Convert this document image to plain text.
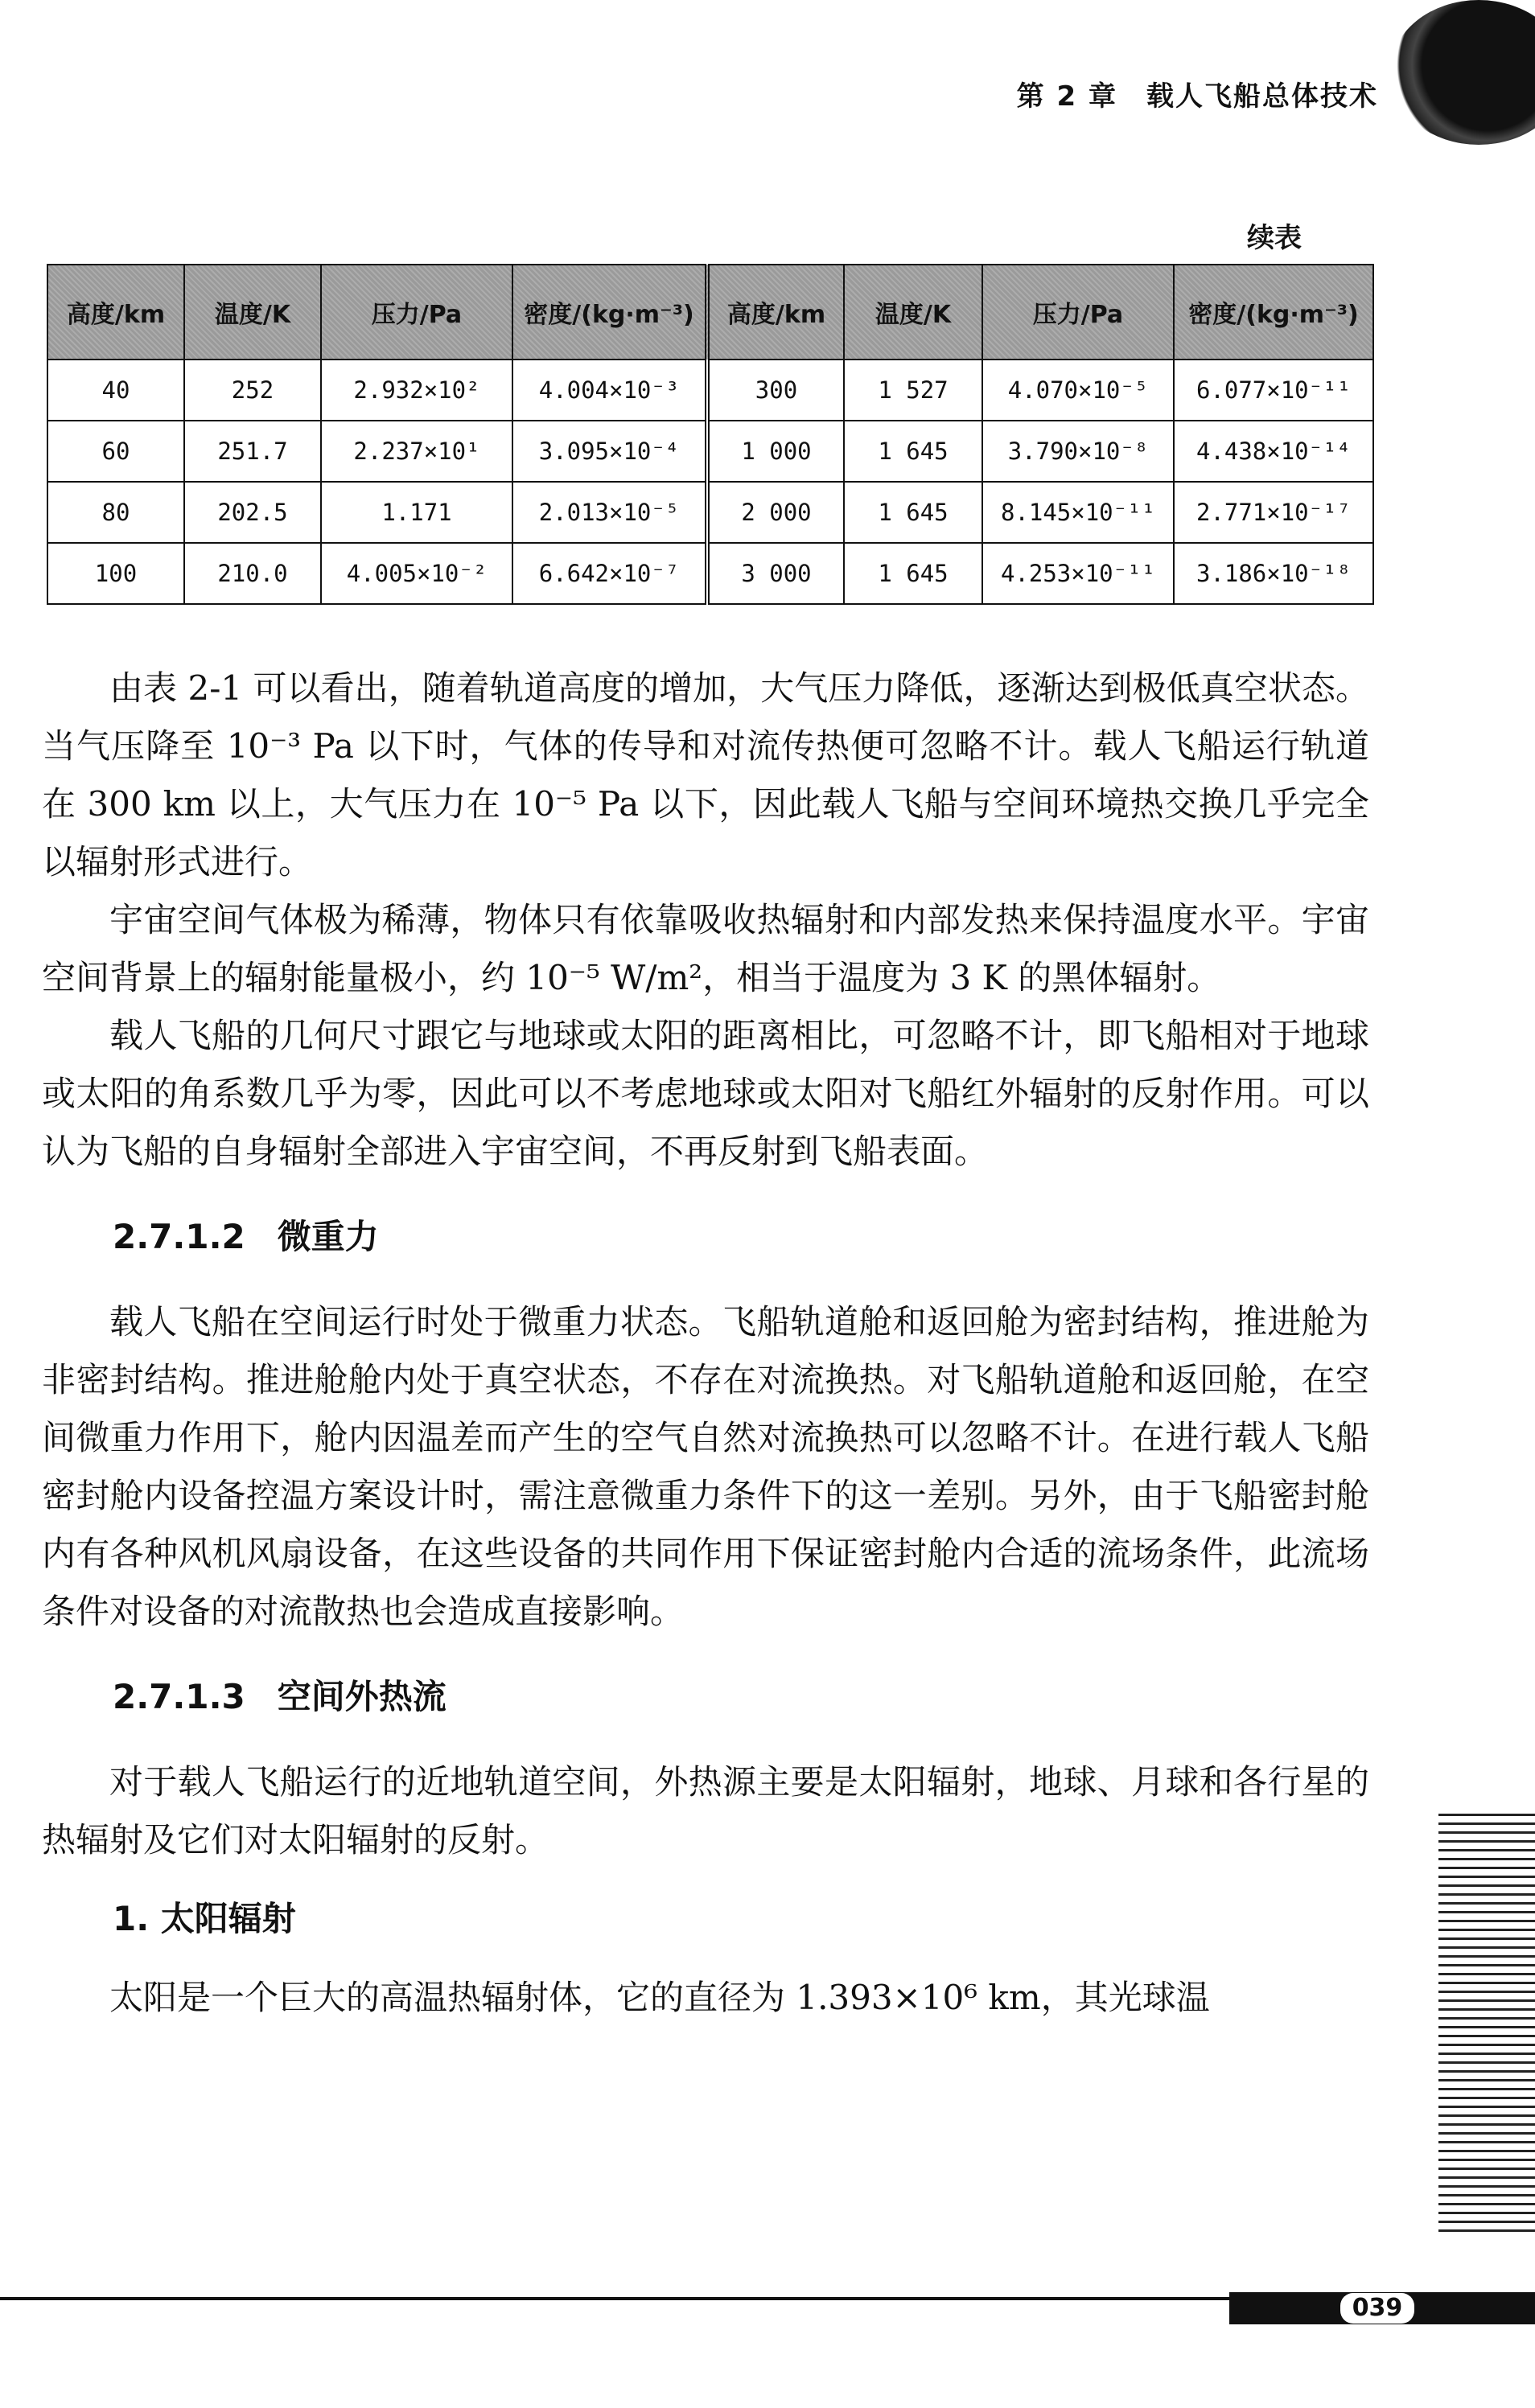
第 2 章 载人飞船总体技术
续表
高度/km	温度/K	压力/Pa	密度/(kg·m⁻³)	高度/km	温度/K	压力/Pa	密度/(kg·m⁻³)
40	252	2.932×10²	4.004×10⁻³	300	1 527	4.070×10⁻⁵	6.077×10⁻¹¹
60	251.7	2.237×10¹	3.095×10⁻⁴	1 000	1 645	3.790×10⁻⁸	4.438×10⁻¹⁴
80	202.5	1.171	2.013×10⁻⁵	2 000	1 645	8.145×10⁻¹¹	2.771×10⁻¹⁷
100	210.0	4.005×10⁻²	6.642×10⁻⁷	3 000	1 645	4.253×10⁻¹¹	3.186×10⁻¹⁸

由表 2-1 可以看出，随着轨道高度的增加，大气压力降低，逐渐达到极低真空状态。当气压降至 10⁻³ Pa 以下时，气体的传导和对流传热便可忽略不计。载人飞船运行轨道在 300 km 以上，大气压力在 10⁻⁵ Pa 以下，因此载人飞船与空间环境热交换几乎完全以辐射形式进行。

宇宙空间气体极为稀薄，物体只有依靠吸收热辐射和内部发热来保持温度水平。宇宙空间背景上的辐射能量极小，约 10⁻⁵ W/m²，相当于温度为 3 K 的黑体辐射。

载人飞船的几何尺寸跟它与地球或太阳的距离相比，可忽略不计，即飞船相对于地球或太阳的角系数几乎为零，因此可以不考虑地球或太阳对飞船红外辐射的反射作用。可以认为飞船的自身辐射全部进入宇宙空间，不再反射到飞船表面。

2.7.1.2 微重力

载人飞船在空间运行时处于微重力状态。飞船轨道舱和返回舱为密封结构，推进舱为非密封结构。推进舱舱内处于真空状态，不存在对流换热。对飞船轨道舱和返回舱，在空间微重力作用下，舱内因温差而产生的空气自然对流换热可以忽略不计。在进行载人飞船密封舱内设备控温方案设计时，需注意微重力条件下的这一差别。另外，由于飞船密封舱内有各种风机风扇设备，在这些设备的共同作用下保证密封舱内合适的流场条件，此流场条件对设备的对流散热也会造成直接影响。

2.7.1.3 空间外热流

对于载人飞船运行的近地轨道空间，外热源主要是太阳辐射，地球、月球和各行星的热辐射及它们对太阳辐射的反射。

1. 太阳辐射

太阳是一个巨大的高温热辐射体，它的直径为 1.393×10⁶ km，其光球温

039
